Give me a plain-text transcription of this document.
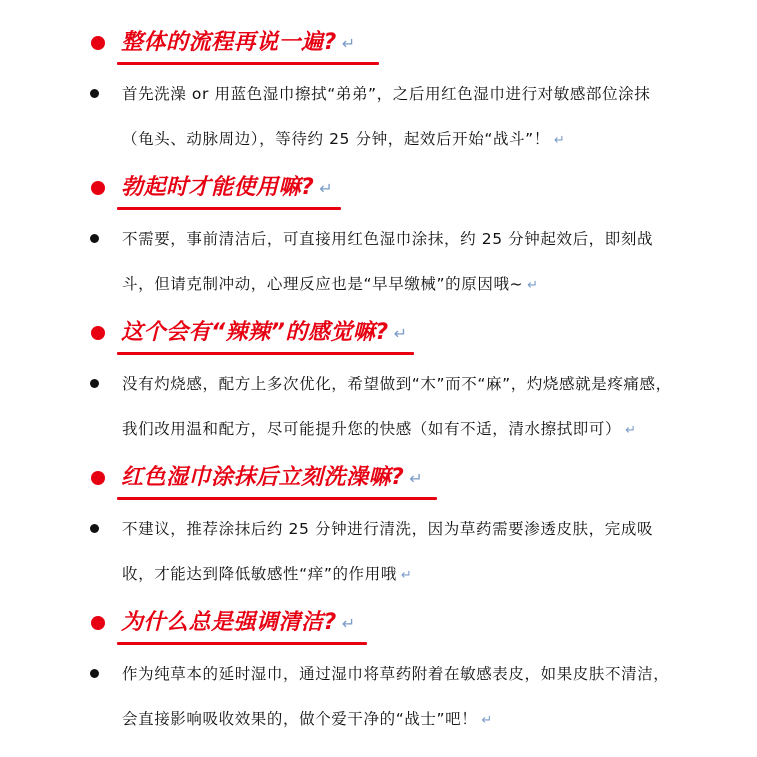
整体的流程再说一遍? ↵
首先洗澡 or 用蓝色湿巾擦拭“弟弟”，之后用红色湿巾进行对敏感部位涂抹
（龟头、动脉周边），等待约 25 分钟，起效后开始“战斗”！ ↵
勃起时才能使用嘛? ↵
不需要，事前清洁后，可直接用红色湿巾涂抹，约 25 分钟起效后，即刻战
斗，但请克制冲动，心理反应也是“早早缴械”的原因哦~ ↵
这个会有“辣辣”的感觉嘛? ↵
没有灼烧感，配方上多次优化，希望做到“木”而不“麻”，灼烧感就是疼痛感，
我们改用温和配方，尽可能提升您的快感（如有不适，清水擦拭即可） ↵
红色湿巾涂抹后立刻洗澡嘛? ↵
不建议，推荐涂抹后约 25 分钟进行清洗，因为草药需要渗透皮肤，完成吸
收，才能达到降低敏感性“痒”的作用哦 ↵
为什么总是强调清洁? ↵
作为纯草本的延时湿巾，通过湿巾将草药附着在敏感表皮，如果皮肤不清洁，
会直接影响吸收效果的，做个爱干净的“战士”吧！ ↵
